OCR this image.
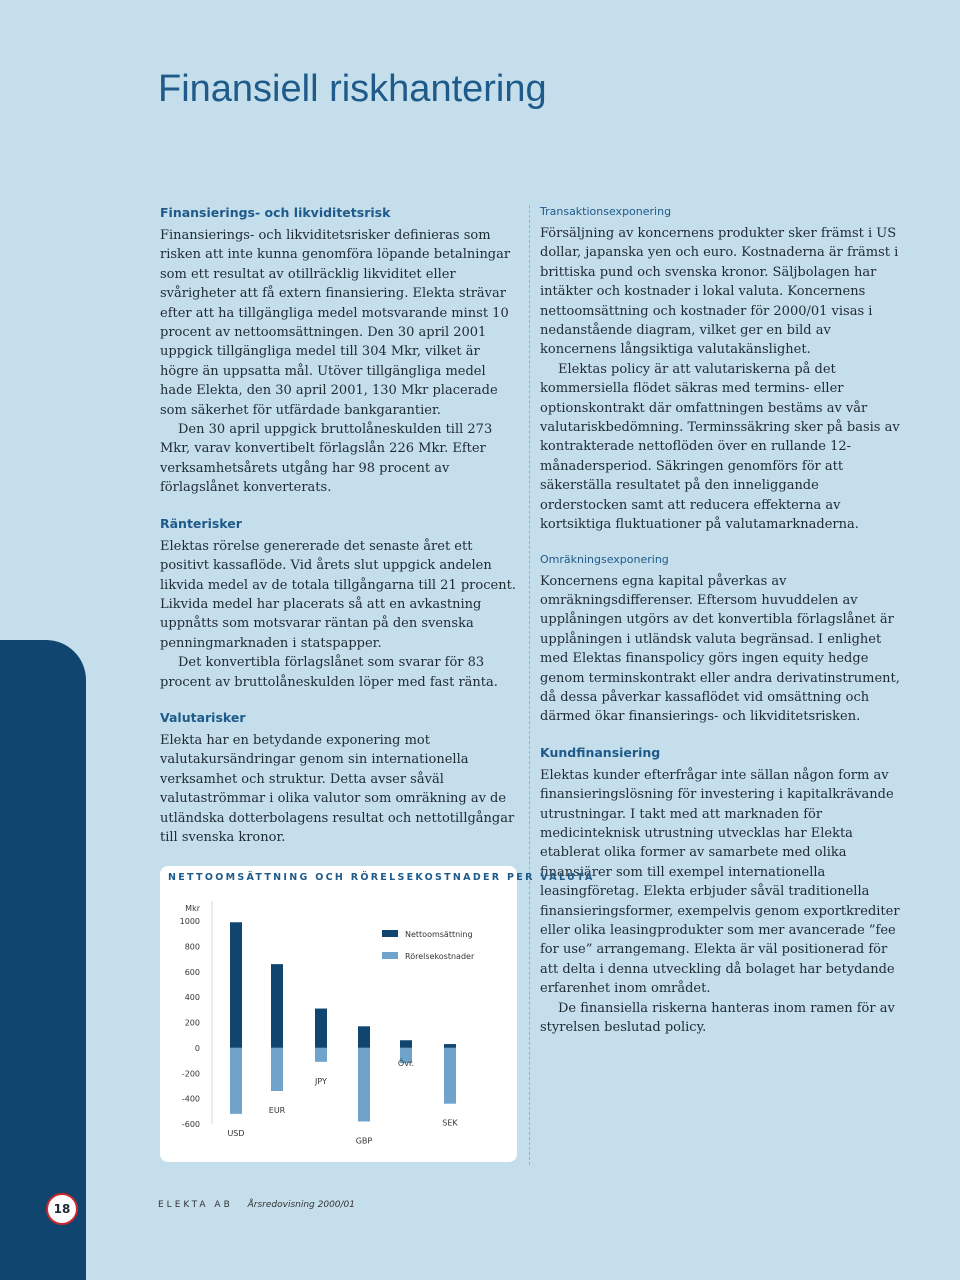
Finansiell riskhantering
Finansierings- och likviditetsrisk

Finansierings- och likviditetsrisker definieras som risken att inte kunna genomföra löpande betalningar som ett resultat av otillräcklig likviditet eller svårigheter att få extern finansiering. Elekta strävar efter att ha tillgängliga medel motsvarande minst 10 procent av nettoomsättningen. Den 30 april 2001 uppgick tillgängliga medel till 304 Mkr, vilket är högre än uppsatta mål. Utöver tillgängliga medel hade Elekta, den 30 april 2001, 130 Mkr placerade som säkerhet för utfärdade bankgarantier.

Den 30 april uppgick bruttolåneskulden till 273 Mkr, varav konvertibelt förlagslån 226 Mkr. Efter verksamhetsårets utgång har 98 procent av förlagslånet konverterats.

Ränterisker

Elektas rörelse genererade det senaste året ett positivt kassaflöde. Vid årets slut uppgick andelen likvida medel av de totala tillgångarna till 21 procent. Likvida medel har placerats så att en avkastning uppnåtts som motsvarar räntan på den svenska penningmarknaden i statspapper.

Det konvertibla förlagslånet som svarar för 83 procent av bruttolåneskulden löper med fast ränta.

Valutarisker

Elekta har en betydande exponering mot valutakursändringar genom sin internationella verksamhet och struktur. Detta avser såväl valutaströmmar i olika valutor som omräkning av de utländska dotterbolagens resultat och nettotillgångar till svenska kronor.

Transaktionsexponering

Försäljning av koncernens produkter sker främst i US dollar, japanska yen och euro. Kostnaderna är främst i brittiska pund och svenska kronor. Säljbolagen har intäkter och kostnader i lokal valuta. Koncernens nettoomsättning och kostnader för 2000/01 visas i nedanstående diagram, vilket ger en bild av koncernens långsiktiga valutakänslighet.

Elektas policy är att valutariskerna på det kommersiella flödet säkras med termins- eller optionskontrakt där omfattningen bestäms av vår valutariskbedömning. Terminssäkring sker på basis av kontrakterade nettoflöden över en rullande 12-månadersperiod. Säkringen genomförs för att säkerställa resultatet på den inneliggande orderstocken samt att reducera effekterna av kortsiktiga fluktuationer på valutamarknaderna.

Omräkningsexponering

Koncernens egna kapital påverkas av omräkningsdifferenser. Eftersom huvuddelen av upplåningen utgörs av det konvertibla förlagslånet är upplåningen i utländsk valuta begränsad. I enlighet med Elektas finanspolicy görs ingen equity hedge genom terminskontrakt eller andra derivatinstrument, då dessa påverkar kassaflödet vid omsättning och därmed ökar finansierings- och likviditetsrisken.

Kundfinansiering

Elektas kunder efterfrågar inte sällan någon form av finansieringslösning för investering i kapitalkrävande utrustningar. I takt med att marknaden för medicinteknisk utrustning utvecklas har Elekta etablerat olika former av samarbete med olika finansiärer som till exempel internationella leasingföretag. Elekta erbjuder såväl traditionella finansieringsformer, exempelvis genom exportkrediter eller olika leasingprodukter som mer avancerade ”fee for use” arrangemang. Elekta är väl positionerad för att delta i denna utveckling då bolaget har betydande erfarenhet inom området.

De finansiella riskerna hanteras inom ramen för av styrelsen beslutad policy.

18	ELEKTA AB Årsredovisning 2000/01
NETTOOMSÄTTNING OCH RÖRELSEKOSTNADER PER VALUTA
Mkr
1000
800
600
400
200
0
-200
-400
-600
USD
EUR
JPY
GBP
Övr.
SEK
Nettoomsättning
Rörelsekostnader
